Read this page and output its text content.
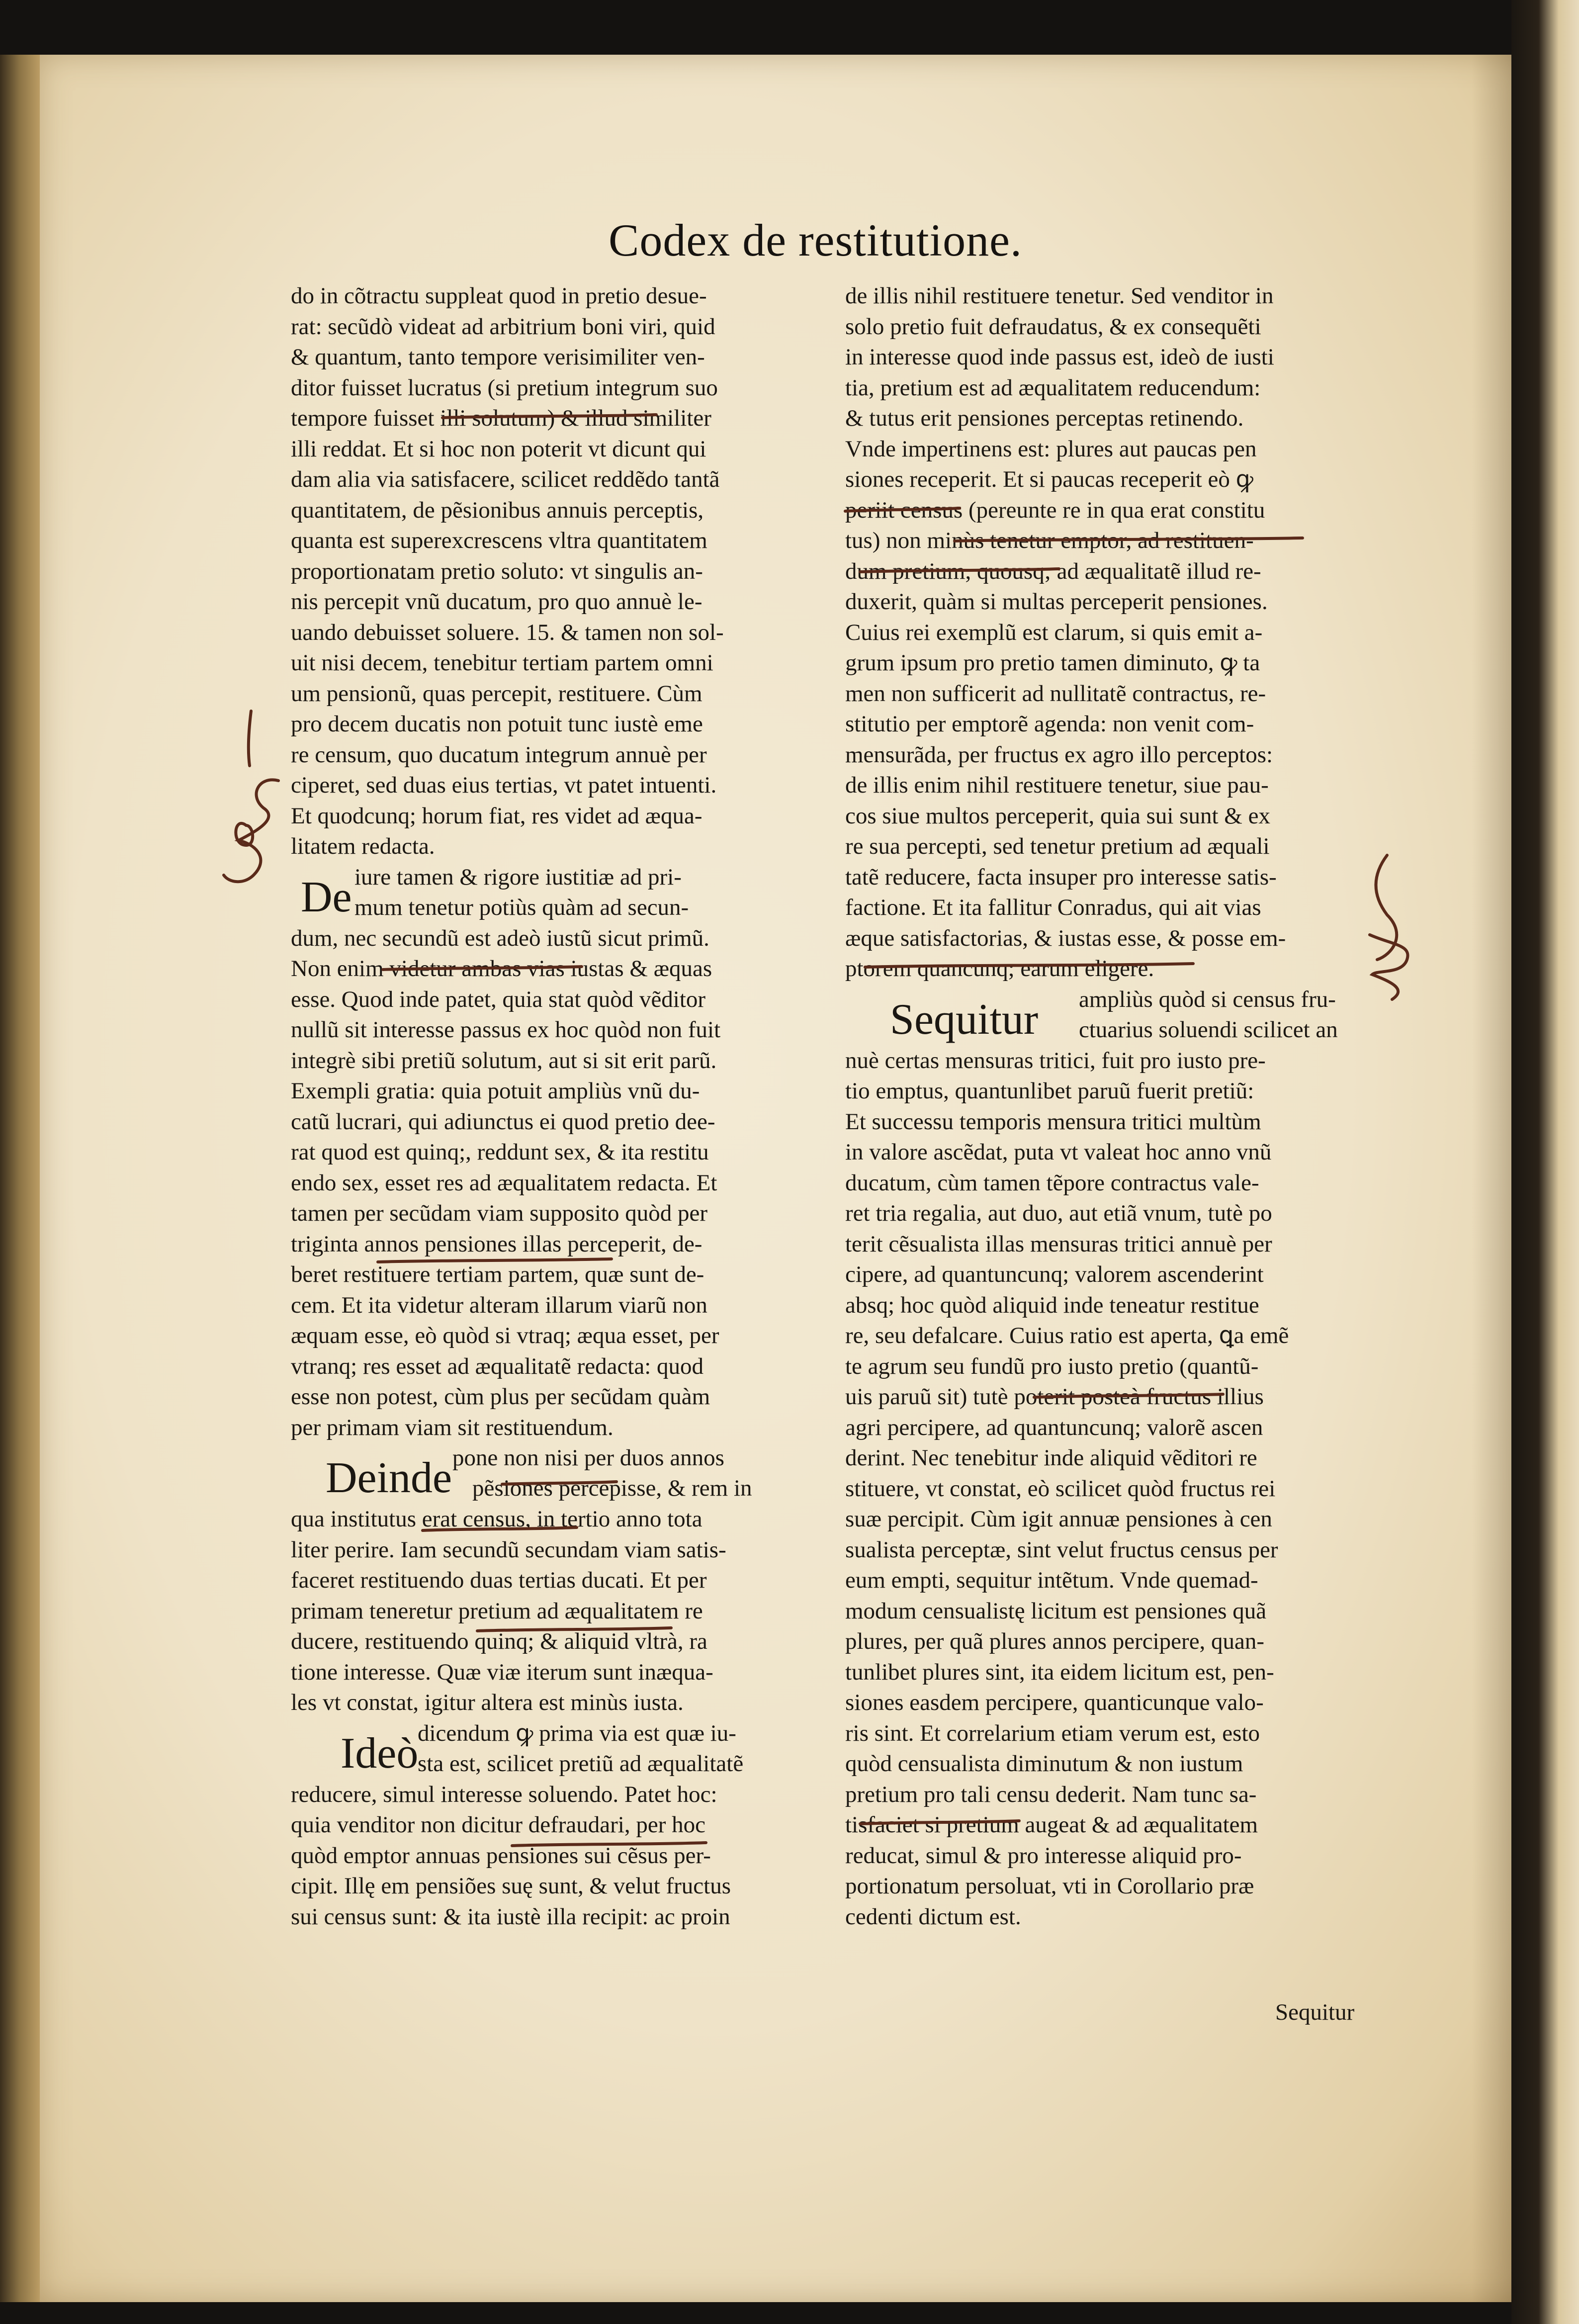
Codex de restitutione.
do in cõtractu suppleat quod in pretio desue-
rat: secũdò videat ad arbitrium boni viri, quid
& quantum, tanto tempore verisimiliter ven-
ditor fuisset lucratus (si pretium integrum suo
tempore fuisset illi solutum) & illud similiter
illi reddat. Et si hoc non poterit vt dicunt qui
dam alia via satisfacere, scilicet reddẽdo tantã
quantitatem, de pẽsionibus annuis perceptis,
quanta est superexcrescens vltra quantitatem
proportionatam pretio soluto: vt singulis an-
nis percepit vnũ ducatum, pro quo annuè le-
uando debuisset soluere. 15. & tamen non sol-
uit nisi decem, tenebitur tertiam partem omni
um pensionũ, quas percepit, restituere. Cùm
pro decem ducatis non potuit tunc iustè eme
re censum, quo ducatum integrum annuè per
ciperet, sed duas eius tertias, vt patet intuenti.
Et quodcunq; horum fiat, res videt ad æqua-
litatem redacta.
De iure tamen & rigore iustitiæ ad pri-
mum tenetur potiùs quàm ad secun-
dum, nec secundũ est adeò iustũ sicut primũ.
Non enim videtur ambas vias iustas & æquas
esse. Quod inde patet, quia stat quòd vẽditor
nullũ sit interesse passus ex hoc quòd non fuit
integrè sibi pretiũ solutum, aut si sit erit parũ.
Exempli gratia: quia potuit ampliùs vnũ du-
catũ lucrari, qui adiunctus ei quod pretio dee-
rat quod est quinq;, reddunt sex, & ita restitu
endo sex, esset res ad æqualitatem redacta. Et
tamen per secũdam viam supposito quòd per
triginta annos pensiones illas perceperit, de-
beret restituere tertiam partem, quæ sunt de-
cem. Et ita videtur alteram illarum viarũ non
æquam esse, eò quòd si vtraq; æqua esset, per
vtranq; res esset ad æqualitatẽ redacta: quod
esse non potest, cùm plus per secũdam quàm
per primam viam sit restituendum.
Deinde pone non nisi per duos annos
pẽsiones percepisse, & rem in
qua institutus erat census, in tertio anno tota
liter perire. Iam secundũ secundam viam satis-
faceret restituendo duas tertias ducati. Et per
primam teneretur pretium ad æqualitatem re
ducere, restituendo quinq; & aliquid vltrà, ra
tione interesse. Quæ viæ iterum sunt inæqua-
les vt constat, igitur altera est minùs iusta.
Ideò
dicendum ꝙ prima via est quæ iu-
sta est, scilicet pretiũ ad æqualitatẽ
reducere, simul interesse soluendo. Patet hoc:
quia venditor non dicitur defraudari, per hoc
quòd emptor annuas pensiones sui cẽsus per-
cipit. Illę em pensiões suę sunt, & velut fructus
sui census sunt: & ita iustè illa recipit: ac proin
de illis nihil restituere tenetur. Sed venditor in
solo pretio fuit defraudatus, & ex consequẽti
in interesse quod inde passus est, ideò de iusti
tia, pretium est ad æqualitatem reducendum:
& tutus erit pensiones perceptas retinendo.
Vnde impertinens est: plures aut paucas pen
siones receperit. Et si paucas receperit eò ꝙ
periit census (pereunte re in qua erat constitu
tus) non minùs tenetur emptor, ad restituen-
dum pretium, quousq; ad æqualitatẽ illud re-
duxerit, quàm si multas perceperit pensiones.
Cuius rei exemplũ est clarum, si quis emit a-
grum ipsum pro pretio tamen diminuto, ꝙ ta
men non sufficerit ad nullitatẽ contractus, re-
stitutio per emptorẽ agenda: non venit com-
mensurãda, per fructus ex agro illo perceptos:
de illis enim nihil restituere tenetur, siue pau-
cos siue multos perceperit, quia sui sunt & ex
re sua percepti, sed tenetur pretium ad æquali
tatẽ reducere, facta insuper pro interesse satis-
factione. Et ita fallitur Conradus, qui ait vias
æque satisfactorias, & iustas esse, & posse em-
ptorem quancunq; earum eligere.
Sequitur ampliùs quòd si census fru-
ctuarius soluendi scilicet an
nuè certas mensuras tritici, fuit pro iusto pre-
tio emptus, quantunlibet paruũ fuerit pretiũ:
Et successu temporis mensura tritici multùm
in valore ascẽdat, puta vt valeat hoc anno vnũ
ducatum, cùm tamen tẽpore contractus vale-
ret tria regalia, aut duo, aut etiã vnum, tutè po
terit cẽsualista illas mensuras tritici annuè per
cipere, ad quantuncunq; valorem ascenderint
absq; hoc quòd aliquid inde teneatur restitue
re, seu defalcare. Cuius ratio est aperta, ꝗa emẽ
te agrum seu fundũ pro iusto pretio (quantũ-
uis paruũ sit) tutè poterit posteà fructus illius
agri percipere, ad quantuncunq; valorẽ ascen
derint. Nec tenebitur inde aliquid vẽditori re
stituere, vt constat, eò scilicet quòd fructus rei
suæ percipit. Cùm igit annuæ pensiones à cen
sualista perceptæ, sint velut fructus census per
eum empti, sequitur intẽtum. Vnde quemad-
modum censualistę licitum est pensiones quã
plures, per quã plures annos percipere, quan-
tunlibet plures sint, ita eidem licitum est, pen-
siones easdem percipere, quanticunque valo-
ris sint. Et correlarium etiam verum est, esto
quòd censualista diminutum & non iustum
pretium pro tali censu dederit. Nam tunc sa-
tisfaciet si pretium augeat & ad æqualitatem
reducat, simul & pro interesse aliquid pro-
portionatum persoluat, vti in Corollario præ
cedenti dictum est.
Sequitur
